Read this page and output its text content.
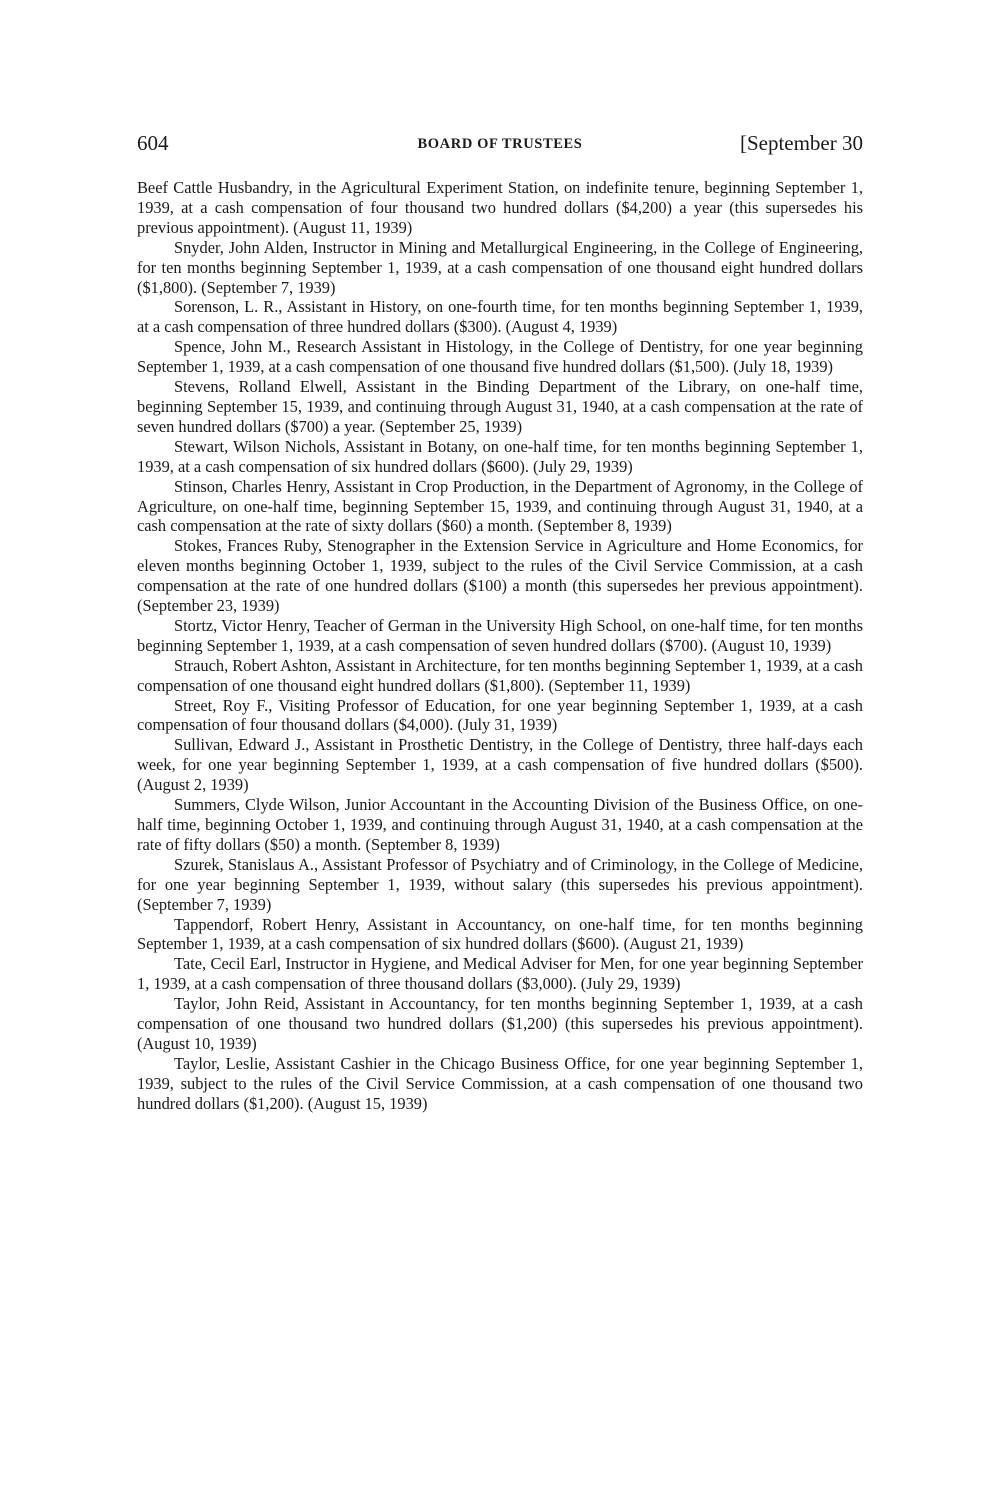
604	BOARD OF TRUSTEES	[September 30

Beef Cattle Husbandry, in the Agricultural Experiment Station, on indefinite tenure, beginning September 1, 1939, at a cash compensation of four thousand two hundred dollars ($4,200) a year (this supersedes his previous appointment). (August 11, 1939)

Snyder, John Alden, Instructor in Mining and Metallurgical Engineering, in the College of Engineering, for ten months beginning September 1, 1939, at a cash compensation of one thousand eight hundred dollars ($1,800). (September 7, 1939)

Sorenson, L. R., Assistant in History, on one-fourth time, for ten months beginning September 1, 1939, at a cash compensation of three hundred dollars ($300). (August 4, 1939)

Spence, John M., Research Assistant in Histology, in the College of Dentistry, for one year beginning September 1, 1939, at a cash compensation of one thousand five hundred dollars ($1,500). (July 18, 1939)

Stevens, Rolland Elwell, Assistant in the Binding Department of the Library, on one-half time, beginning September 15, 1939, and continuing through August 31, 1940, at a cash compensation at the rate of seven hundred dollars ($700) a year. (September 25, 1939)

Stewart, Wilson Nichols, Assistant in Botany, on one-half time, for ten months beginning September 1, 1939, at a cash compensation of six hundred dollars ($600). (July 29, 1939)

Stinson, Charles Henry, Assistant in Crop Production, in the Department of Agronomy, in the College of Agriculture, on one-half time, beginning September 15, 1939, and continuing through August 31, 1940, at a cash compensation at the rate of sixty dollars ($60) a month. (September 8, 1939)

Stokes, Frances Ruby, Stenographer in the Extension Service in Agriculture and Home Economics, for eleven months beginning October 1, 1939, subject to the rules of the Civil Service Commission, at a cash compensation at the rate of one hundred dollars ($100) a month (this supersedes her previous appointment). (September 23, 1939)

Stortz, Victor Henry, Teacher of German in the University High School, on one-half time, for ten months beginning September 1, 1939, at a cash compensation of seven hundred dollars ($700). (August 10, 1939)

Strauch, Robert Ashton, Assistant in Architecture, for ten months beginning September 1, 1939, at a cash compensation of one thousand eight hundred dollars ($1,800). (September 11, 1939)

Street, Roy F., Visiting Professor of Education, for one year beginning September 1, 1939, at a cash compensation of four thousand dollars ($4,000). (July 31, 1939)

Sullivan, Edward J., Assistant in Prosthetic Dentistry, in the College of Dentistry, three half-days each week, for one year beginning September 1, 1939, at a cash compensation of five hundred dollars ($500). (August 2, 1939)

Summers, Clyde Wilson, Junior Accountant in the Accounting Division of the Business Office, on one-half time, beginning October 1, 1939, and continuing through August 31, 1940, at a cash compensation at the rate of fifty dollars ($50) a month. (September 8, 1939)

Szurek, Stanislaus A., Assistant Professor of Psychiatry and of Criminology, in the College of Medicine, for one year beginning September 1, 1939, without salary (this supersedes his previous appointment). (September 7, 1939)

Tappendorf, Robert Henry, Assistant in Accountancy, on one-half time, for ten months beginning September 1, 1939, at a cash compensation of six hundred dollars ($600). (August 21, 1939)

Tate, Cecil Earl, Instructor in Hygiene, and Medical Adviser for Men, for one year beginning September 1, 1939, at a cash compensation of three thousand dollars ($3,000). (July 29, 1939)

Taylor, John Reid, Assistant in Accountancy, for ten months beginning September 1, 1939, at a cash compensation of one thousand two hundred dollars ($1,200) (this supersedes his previous appointment). (August 10, 1939)

Taylor, Leslie, Assistant Cashier in the Chicago Business Office, for one year beginning September 1, 1939, subject to the rules of the Civil Service Commission, at a cash compensation of one thousand two hundred dollars ($1,200). (August 15, 1939)
